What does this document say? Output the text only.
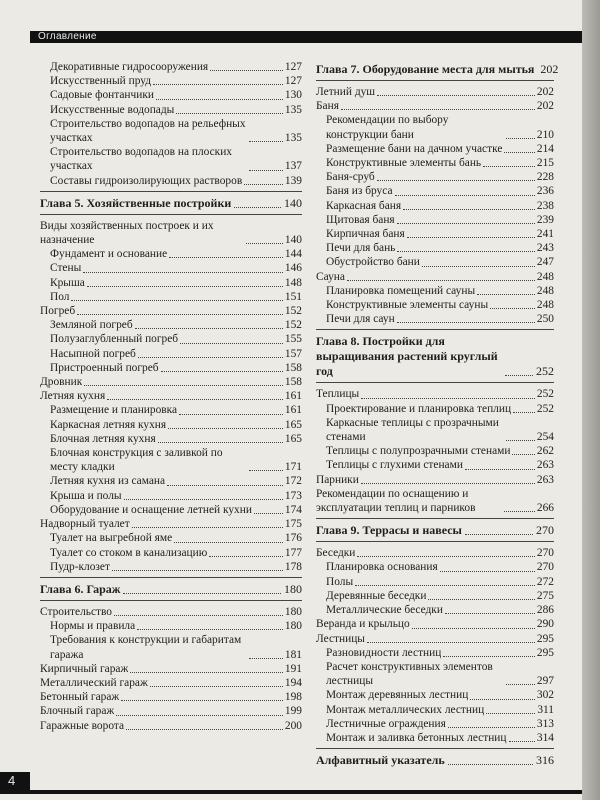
Оглавление
Декоративные гидросооружения	127
Искусственный пруд	127
Садовые фонтанчики	130
Искусственные водопады	135
Строительство водопадов на рельефных участках	135
Строительство водопадов на плоских участках	137
Составы гидроизолирующих растворов	139
Глава 5. Хозяйственные постройки	140
Виды хозяйственных построек и их назначение	140
Фундамент и основание	144
Стены	146
Крыша	148
Пол	151
Погреб	152
Земляной погреб	152
Полузаглубленный погреб	155
Насыпной погреб	157
Пристроенный погреб	158
Дровник	158
Летняя кухня	161
Размещение и планировка	161
Каркасная летняя кухня	165
Блочная летняя кухня	165
Блочная конструкция с заливкой по месту кладки	171
Летняя кухня из самана	172
Крыша и полы	173
Оборудование и оснащение летней кухни	174
Надворный туалет	175
Туалет на выгребной яме	176
Туалет со стоком в канализацию	177
Пудр-клозет	178
Глава 6. Гараж	180
Строительство	180
Нормы и правила	180
Требования к конструкции и габаритам гаража	181
Кирпичный гараж	191
Металлический гараж	194
Бетонный гараж	198
Блочный гараж	199
Гаражные ворота	200
Глава 7. Оборудование места для мытья 202
Летний душ	202
Баня	202
Рекомендации по выбору конструкции бани	210
Размещение бани на дачном участке	214
Конструктивные элементы бань	215
Баня-сруб	228
Баня из бруса	236
Каркасная баня	238
Щитовая баня	239
Кирпичная баня	241
Печи для бань	243
Обустройство бани	247
Сауна	248
Планировка помещений сауны	248
Конструктивные элементы сауны	248
Печи для саун	250
Глава 8. Постройки для выращивания растений круглый год	252
Теплицы	252
Проектирование и планировка теплиц 252
Каркасные теплицы с прозрачными стенами	254
Теплицы с полупрозрачными стенами 262
Теплицы с глухими стенами	263
Парники	263
Рекомендации по оснащению и эксплуатации теплиц и парников	266
Глава 9. Террасы и навесы	270
Беседки	270
Планировка основания	270
Полы	272
Деревянные беседки	275
Металлические беседки	286
Веранда и крыльцо	290
Лестницы	295
Разновидности лестниц	295
Расчет конструктивных элементов лестницы	297
Монтаж деревянных лестниц	302
Монтаж металлических лестниц	311
Лестничные ограждения	313
Монтаж и заливка бетонных лестниц	314
Алфавитный указатель	316
4
